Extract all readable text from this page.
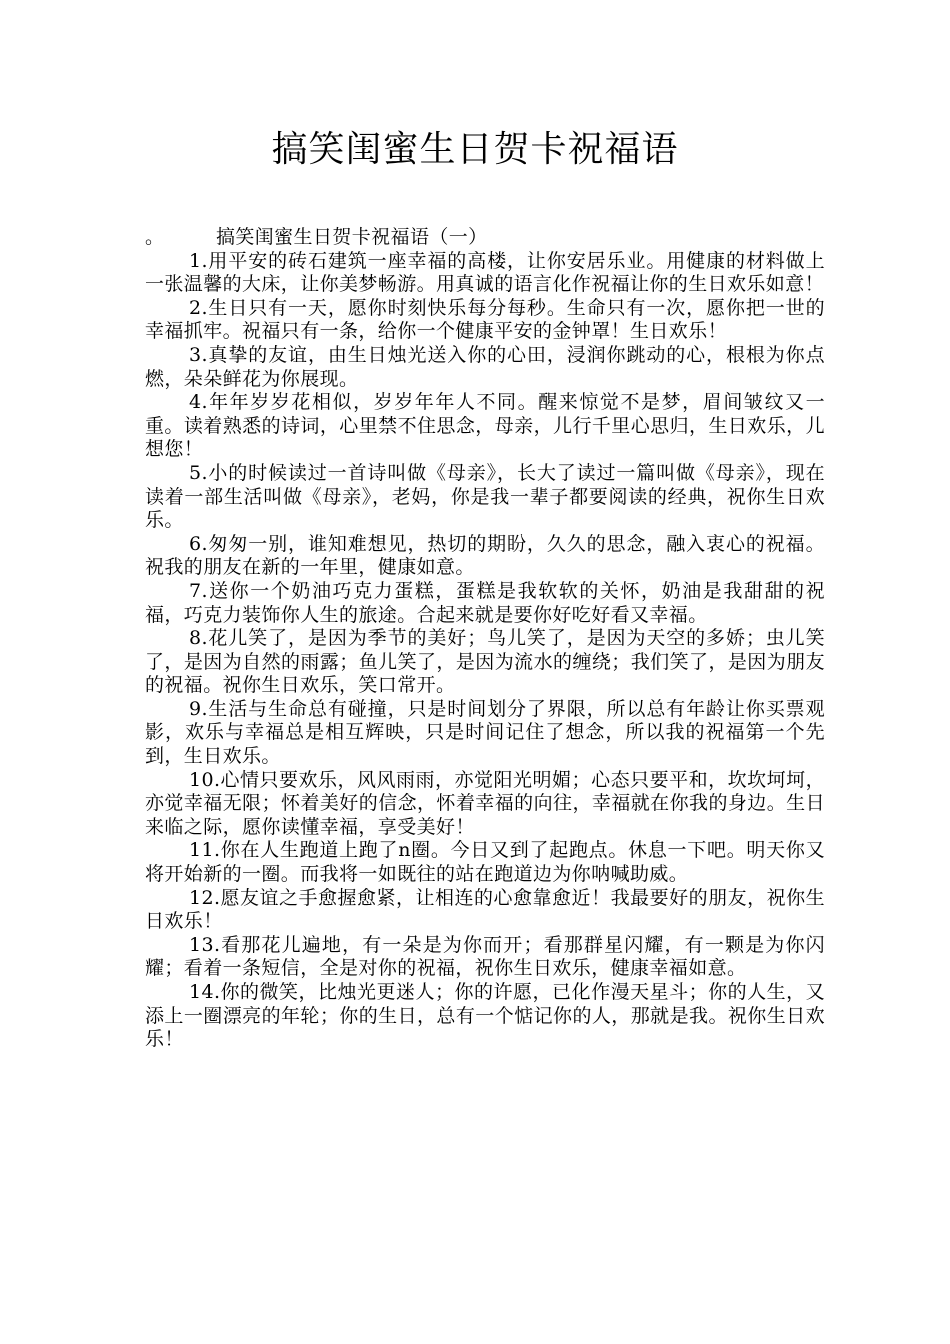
搞笑闺蜜生日贺卡祝福语

。	搞笑闺蜜生日贺卡祝福语（一）

1.用平安的砖石建筑一座幸福的高楼，让你安居乐业。用健康的材料做上一张温馨的大床，让你美梦畅游。用真诚的语言化作祝福让你的生日欢乐如意！

2.生日只有一天，愿你时刻快乐每分每秒。生命只有一次，愿你把一世的幸福抓牢。祝福只有一条，给你一个健康平安的金钟罩！生日欢乐！

3.真挚的友谊，由生日烛光送入你的心田，浸润你跳动的心，根根为你点燃，朵朵鲜花为你展现。

4.年年岁岁花相似，岁岁年年人不同。醒来惊觉不是梦，眉间皱纹又一重。读着熟悉的诗词，心里禁不住思念，母亲，儿行千里心思归，生日欢乐，儿想您！

5.小的时候读过一首诗叫做《母亲》，长大了读过一篇叫做《母亲》，现在读着一部生活叫做《母亲》，老妈，你是我一辈子都要阅读的经典，祝你生日欢乐。

6.匆匆一别，谁知难想见，热切的期盼，久久的思念，融入衷心的祝福。祝我的朋友在新的一年里，健康如意。

7.送你一个奶油巧克力蛋糕，蛋糕是我软软的关怀，奶油是我甜甜的祝福，巧克力装饰你人生的旅途。合起来就是要你好吃好看又幸福。

8.花儿笑了，是因为季节的美好；鸟儿笑了，是因为天空的多娇；虫儿笑了，是因为自然的雨露；鱼儿笑了，是因为流水的缠绕；我们笑了，是因为朋友的祝福。祝你生日欢乐，笑口常开。

9.生活与生命总有碰撞，只是时间划分了界限，所以总有年龄让你买票观影，欢乐与幸福总是相互辉映，只是时间记住了想念，所以我的祝福第一个先到，生日欢乐。

10.心情只要欢乐，风风雨雨，亦觉阳光明媚；心态只要平和，坎坎坷坷，亦觉幸福无限；怀着美好的信念，怀着幸福的向往，幸福就在你我的身边。生日来临之际，愿你读懂幸福，享受美好！

11.你在人生跑道上跑了n圈。今日又到了起跑点。休息一下吧。明天你又将开始新的一圈。而我将一如既往的站在跑道边为你呐喊助威。

12.愿友谊之手愈握愈紧，让相连的心愈靠愈近！我最要好的朋友，祝你生日欢乐！

13.看那花儿遍地，有一朵是为你而开；看那群星闪耀，有一颗是为你闪耀；看着一条短信，全是对你的祝福，祝你生日欢乐，健康幸福如意。

14.你的微笑，比烛光更迷人；你的许愿，已化作漫天星斗；你的人生，又添上一圈漂亮的年轮；你的生日，总有一个惦记你的人，那就是我。祝你生日欢乐！
